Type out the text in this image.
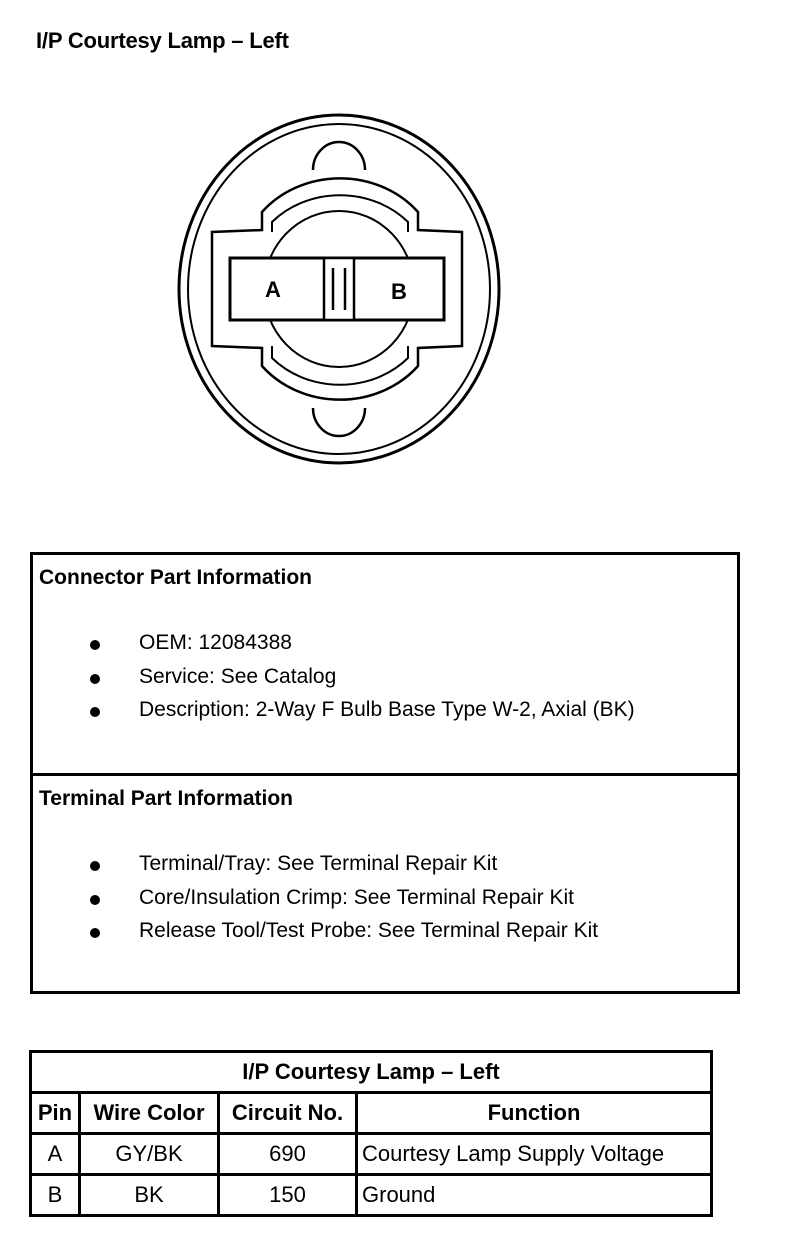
I/P Courtesy Lamp – Left
A	B
Connector Part Information
OEM: 12084388
Service: See Catalog
Description: 2-Way F Bulb Base Type W-2, Axial (BK)
Terminal Part Information
Terminal/Tray: See Terminal Repair Kit
Core/Insulation Crimp: See Terminal Repair Kit
Release Tool/Test Probe: See Terminal Repair Kit
I/P Courtesy Lamp – Left			
Pin	Wire Color	Circuit No.	Function
A	GY/BK	690	Courtesy Lamp Supply Voltage
B	BK	150	Ground
